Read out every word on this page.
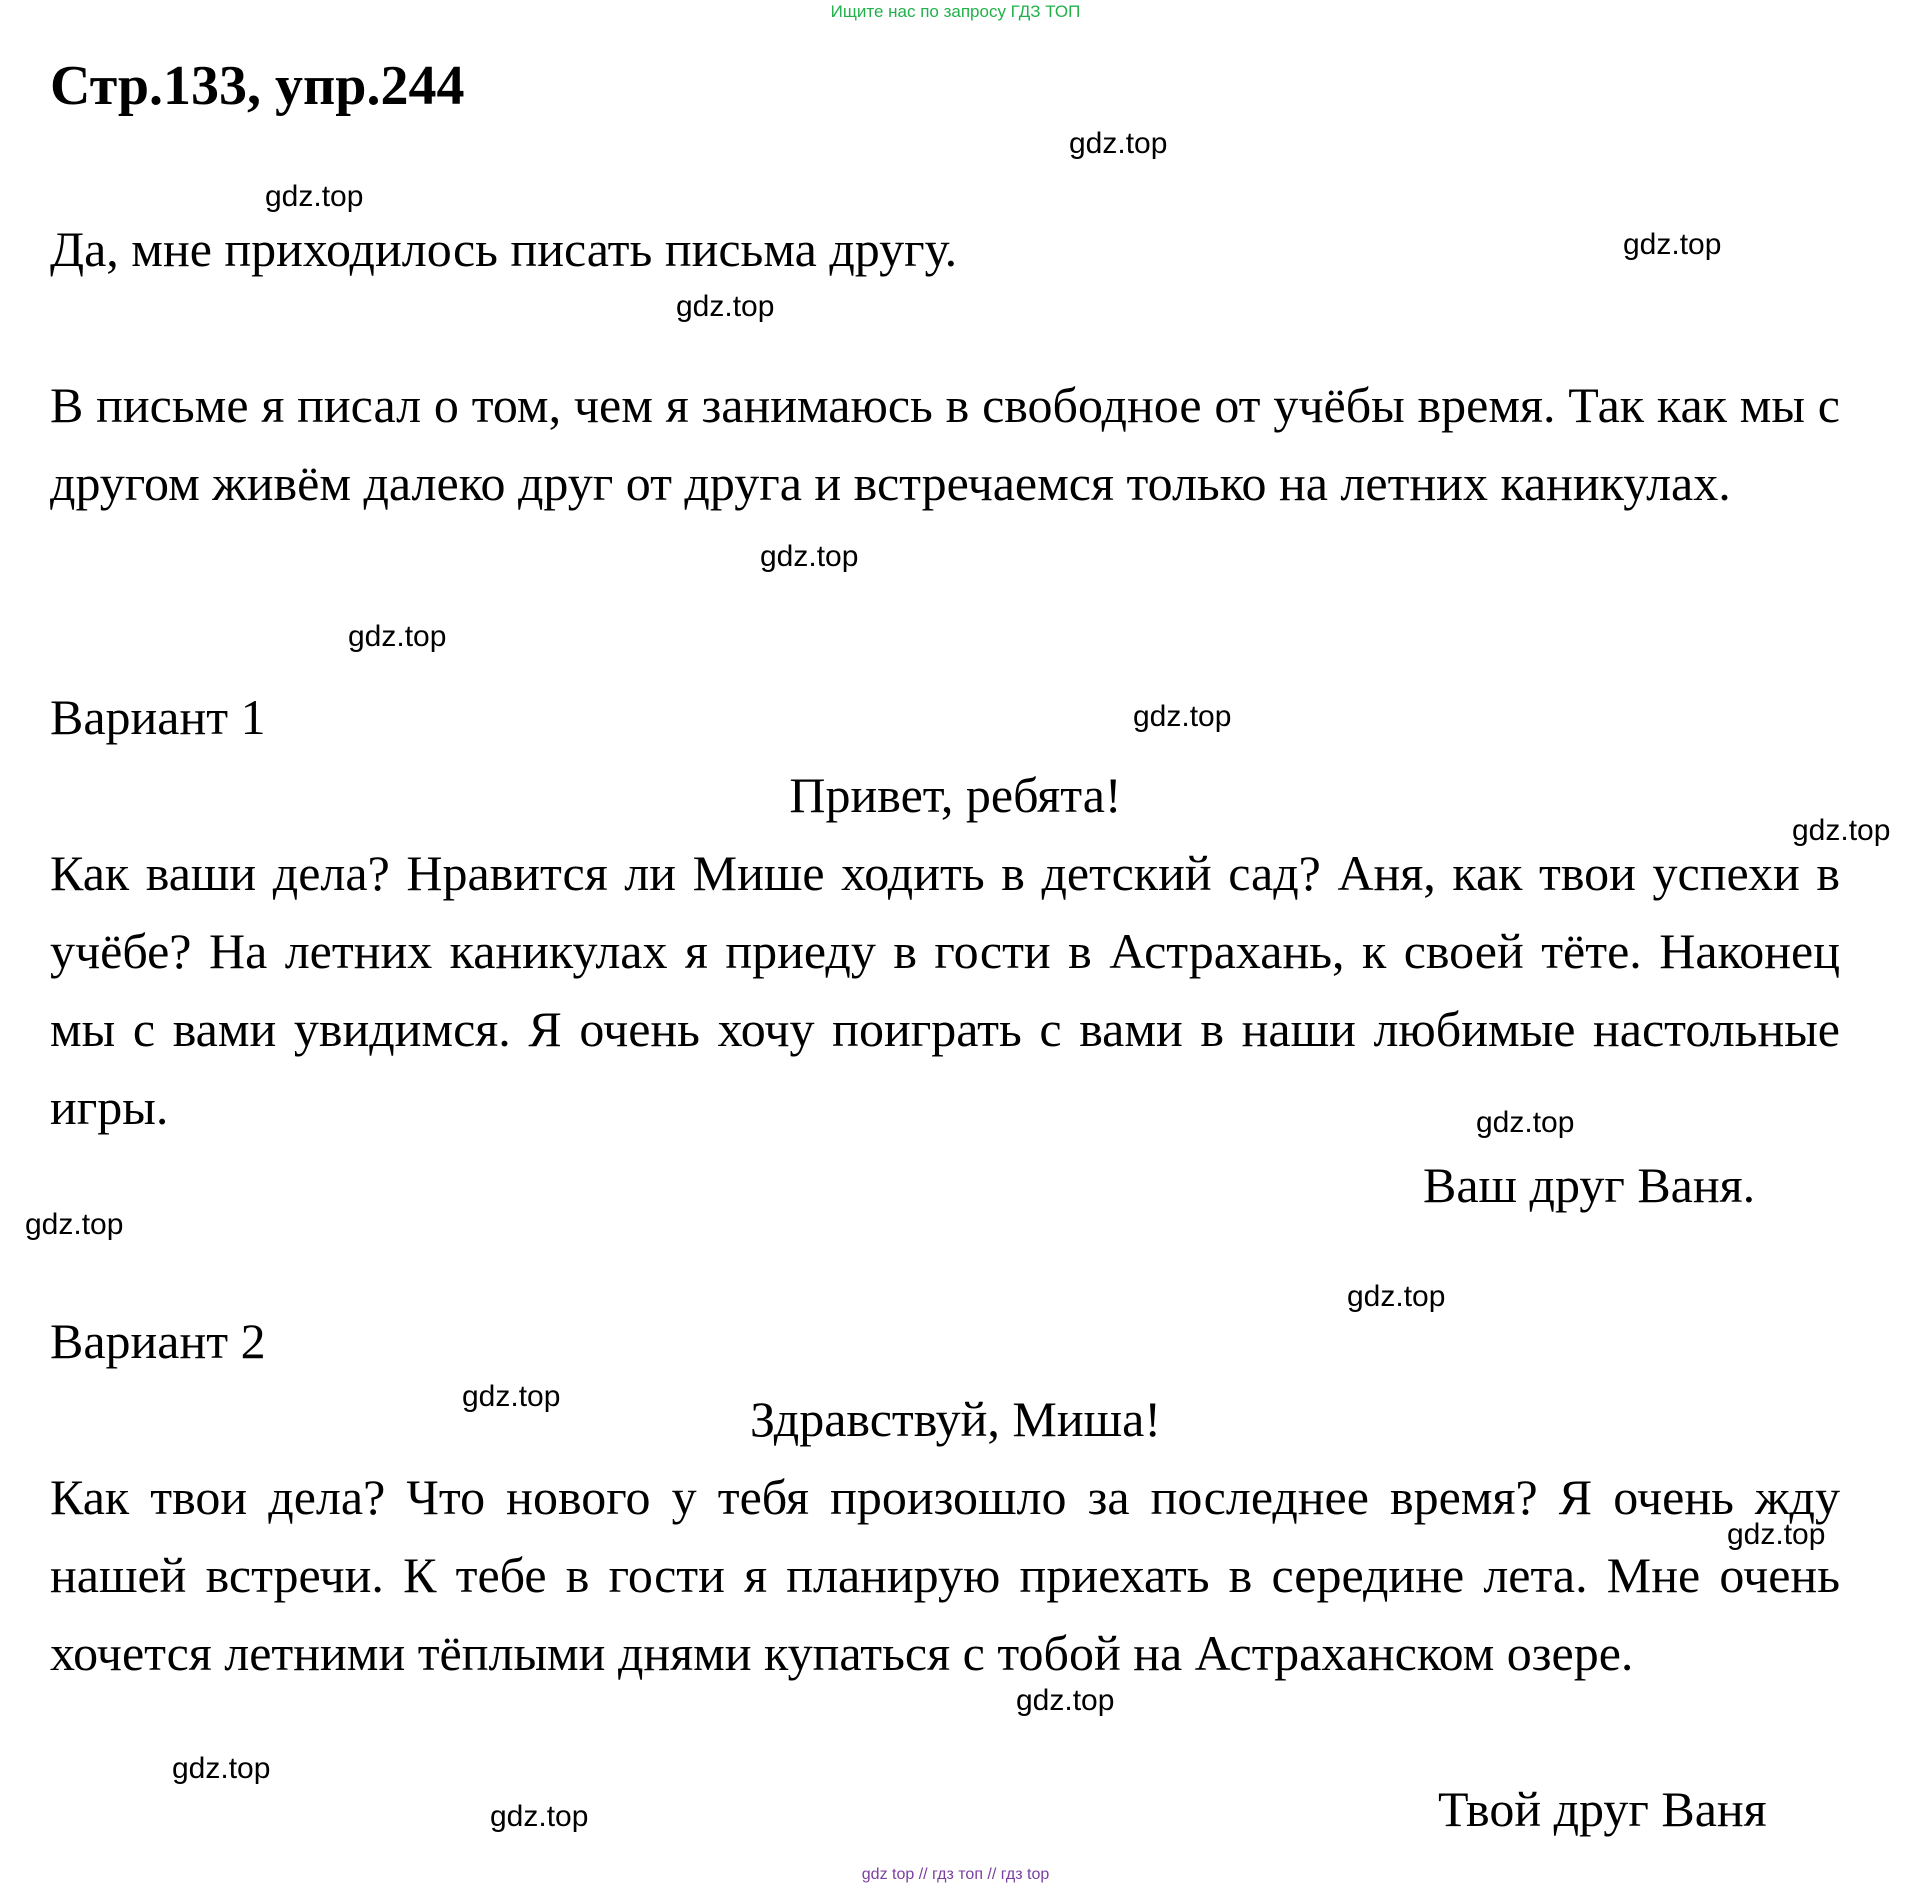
Ищите нас по запросу ГДЗ ТОП
Стр.133, упр.244
Да, мне приходилось писать письма другу.
В письме я писал о том, чем я занимаюсь в свободное от учёбы время. Так как мы с другом живём далеко друг от друга и встречаемся только на летних каникулах.
Вариант 1
Привет, ребята!
Как ваши дела? Нравится ли Мише ходить в детский сад? Аня, как твои успехи в учёбе? На летних каникулах я приеду в гости в Астрахань, к своей тёте. Наконец мы с вами увидимся. Я очень хочу поиграть с вами в наши любимые настольные игры.
Ваш друг Ваня.
Вариант 2
Здравствуй, Миша!
Как твои дела? Что нового у тебя произошло за последнее время? Я очень жду нашей встречи. К тебе в гости я планирую приехать в середине лета. Мне очень хочется летними тёплыми днями купаться с тобой на Астраханском озере.
Твой друг Ваня
gdz.top
gdz.top
gdz.top
gdz.top
gdz.top
gdz.top
gdz.top
gdz.top
gdz.top
gdz.top
gdz.top
gdz.top
gdz.top
gdz.top
gdz.top
gdz.top
gdz top // гдз топ // гдз top
